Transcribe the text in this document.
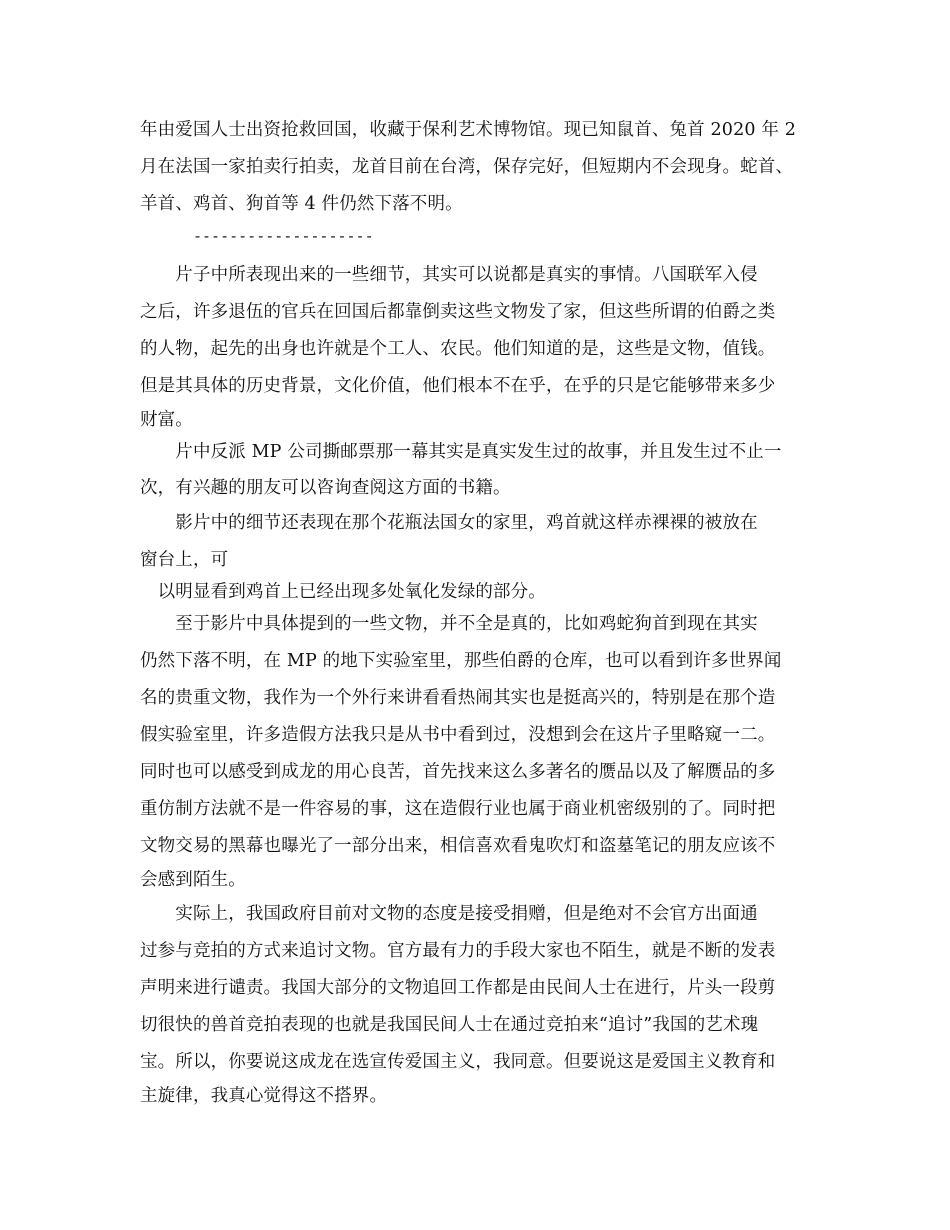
年由爱国人士出资抢救回国，收藏于保利艺术博物馆。现已知鼠首、兔首 2020 年 2
月在法国一家拍卖行拍卖，龙首目前在台湾，保存完好，但短期内不会现身。蛇首、
羊首、鸡首、狗首等 4 件仍然下落不明。
--------------------
　　片子中所表现出来的一些细节，其实可以说都是真实的事情。八国联军入侵
之后，许多退伍的官兵在回国后都靠倒卖这些文物发了家，但这些所谓的伯爵之类
的人物，起先的出身也许就是个工人、农民。他们知道的是，这些是文物，值钱。
但是其具体的历史背景，文化价值，他们根本不在乎，在乎的只是它能够带来多少
财富。
　　片中反派 MP 公司撕邮票那一幕其实是真实发生过的故事，并且发生过不止一
次，有兴趣的朋友可以咨询查阅这方面的书籍。
　　影片中的细节还表现在那个花瓶法国女的家里，鸡首就这样赤裸裸的被放在
窗台上，可
　以明显看到鸡首上已经出现多处氧化发绿的部分。
　　至于影片中具体提到的一些文物，并不全是真的，比如鸡蛇狗首到现在其实
仍然下落不明，在 MP 的地下实验室里，那些伯爵的仓库，也可以看到许多世界闻
名的贵重文物，我作为一个外行来讲看看热闹其实也是挺高兴的，特别是在那个造
假实验室里，许多造假方法我只是从书中看到过，没想到会在这片子里略窥一二。
同时也可以感受到成龙的用心良苦，首先找来这么多著名的赝品以及了解赝品的多
重仿制方法就不是一件容易的事，这在造假行业也属于商业机密级别的了。同时把
文物交易的黑幕也曝光了一部分出来，相信喜欢看鬼吹灯和盗墓笔记的朋友应该不
会感到陌生。
　　实际上，我国政府目前对文物的态度是接受捐赠，但是绝对不会官方出面通
过参与竞拍的方式来追讨文物。官方最有力的手段大家也不陌生，就是不断的发表
声明来进行谴责。我国大部分的文物追回工作都是由民间人士在进行，片头一段剪
切很快的兽首竞拍表现的也就是我国民间人士在通过竞拍来“追讨”我国的艺术瑰
宝。所以，你要说这成龙在选宣传爱国主义，我同意。但要说这是爱国主义教育和
主旋律，我真心觉得这不搭界。
